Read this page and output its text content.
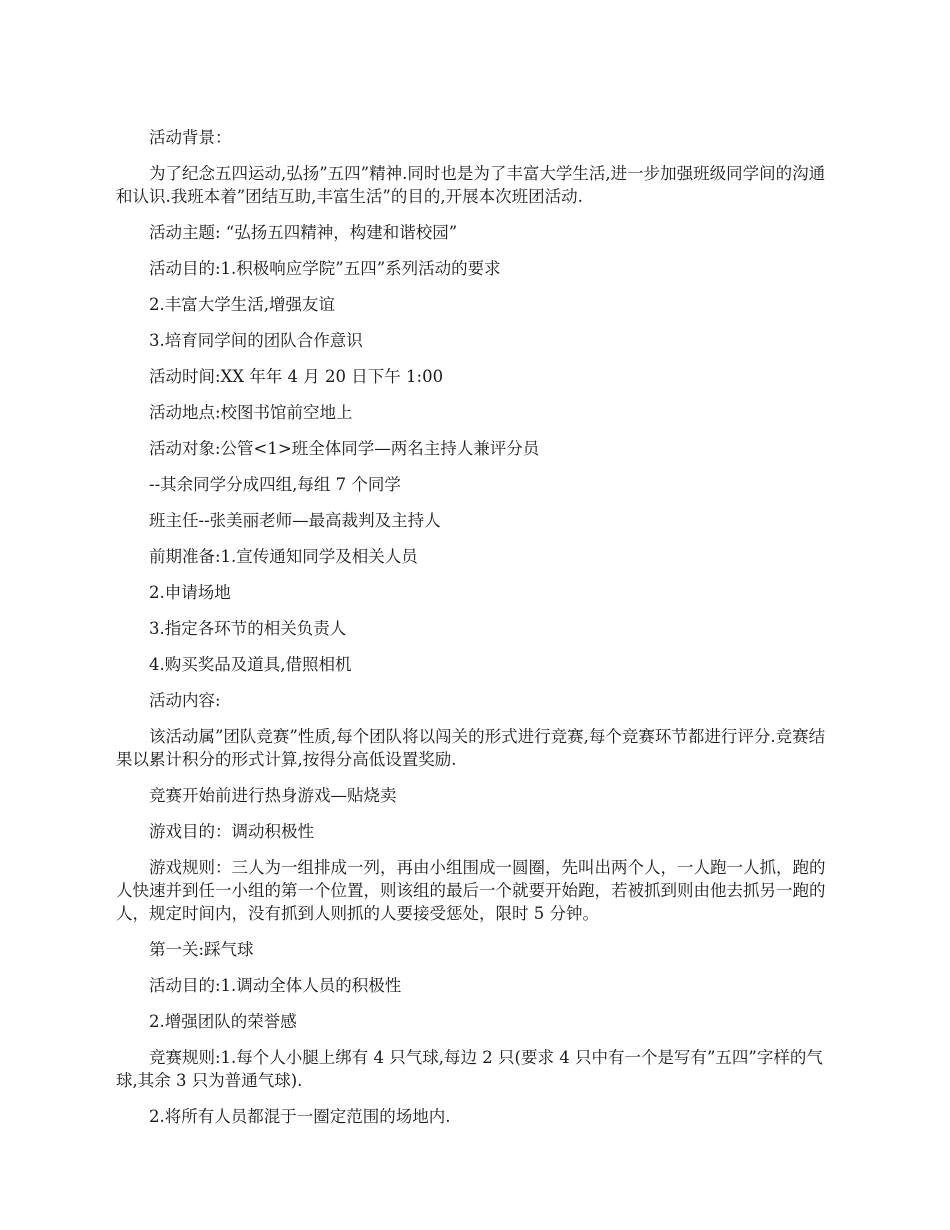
活动背景：

为了纪念五四运动,弘扬”五四”精神.同时也是为了丰富大学生活,进一步加强班级同学间的沟通和认识.我班本着”团结互助,丰富生活”的目的,开展本次班团活动.

活动主题: “弘扬五四精神，构建和谐校园”

活动目的:1.积极响应学院”五四”系列活动的要求

2.丰富大学生活,增强友谊

3.培育同学间的团队合作意识

活动时间:XX 年年 4 月 20 日下午 1:00

活动地点:校图书馆前空地上

活动对象:公管<1>班全体同学—两名主持人兼评分员

--其余同学分成四组,每组 7 个同学

班主任--张美丽老师—最高裁判及主持人

前期准备:1.宣传通知同学及相关人员

2.申请场地

3.指定各环节的相关负责人

4.购买奖品及道具,借照相机

活动内容:

该活动属”团队竞赛”性质,每个团队将以闯关的形式进行竞赛,每个竞赛环节都进行评分.竞赛结果以累计积分的形式计算,按得分高低设置奖励.

竞赛开始前进行热身游戏—贴烧卖

游戏目的：调动积极性

游戏规则：三人为一组排成一列，再由小组围成一圆圈，先叫出两个人，一人跑一人抓，跑的人快速并到任一小组的第一个位置，则该组的最后一个就要开始跑，若被抓到则由他去抓另一跑的人，规定时间内，没有抓到人则抓的人要接受惩处，限时 5 分钟。

第一关:踩气球

活动目的:1.调动全体人员的积极性

2.增强团队的荣誉感

竞赛规则:1.每个人小腿上绑有 4 只气球,每边 2 只(要求 4 只中有一个是写有”五四”字样的气球,其余 3 只为普通气球).

2.将所有人员都混于一圈定范围的场地内.
